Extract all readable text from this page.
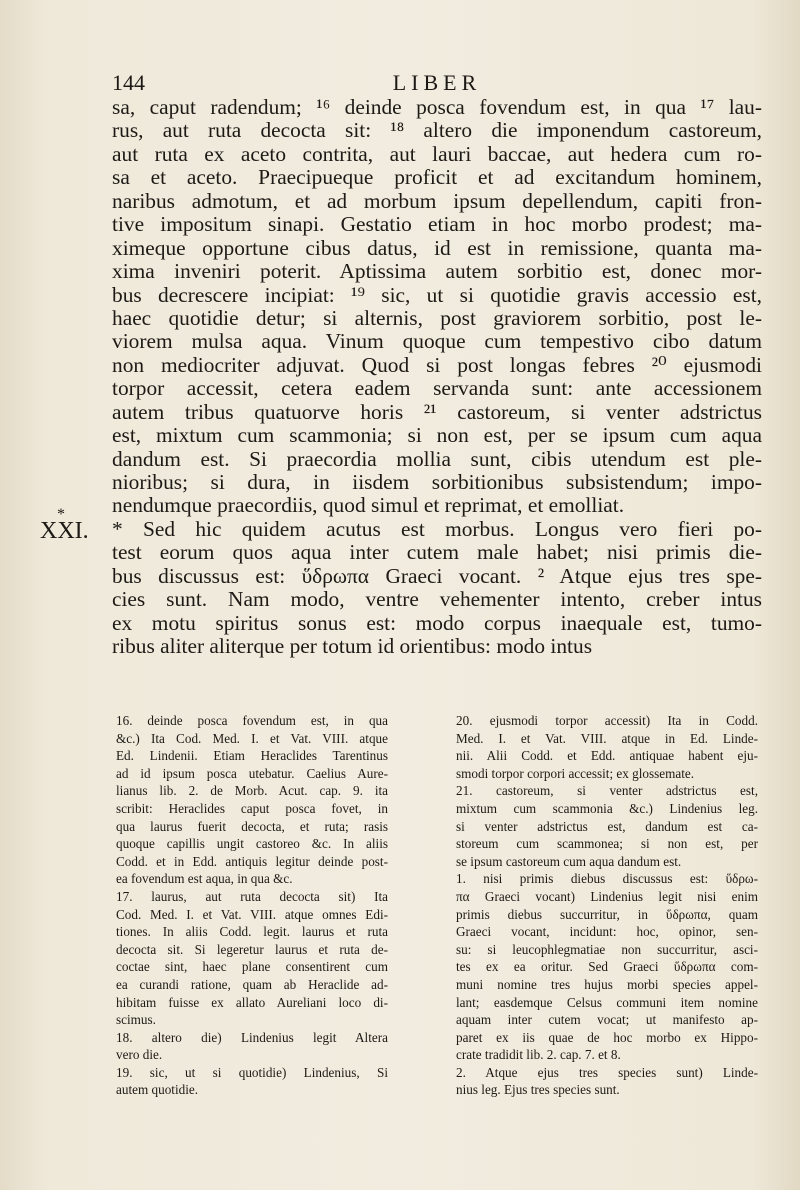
144	LIBER
*
XXI.
sa, caput radendum; ¹⁶ deinde posca fovendum est, in qua ¹⁷ lau-
rus, aut ruta decocta sit: ¹⁸ altero die imponendum castoreum,
aut ruta ex aceto contrita, aut lauri baccae, aut hedera cum ro-
sa et aceto. Praecipueque proficit et ad excitandum hominem,
naribus admotum, et ad morbum ipsum depellendum, capiti fron-
tive impositum sinapi. Gestatio etiam in hoc morbo prodest; ma-
ximeque opportune cibus datus, id est in remissione, quanta ma-
xima inveniri poterit. Aptissima autem sorbitio est, donec mor-
bus decrescere incipiat: ¹⁹ sic, ut si quotidie gravis accessio est,
haec quotidie detur; si alternis, post graviorem sorbitio, post le-
viorem mulsa aqua. Vinum quoque cum tempestivo cibo datum
non mediocriter adjuvat. Quod si post longas febres ²⁰ ejusmodi
torpor accessit, cetera eadem servanda sunt: ante accessionem
autem tribus quatuorve horis ²¹ castoreum, si venter adstrictus
est, mixtum cum scammonia; si non est, per se ipsum cum aqua
dandum est. Si praecordia mollia sunt, cibis utendum est ple-
nioribus; si dura, in iisdem sorbitionibus subsistendum; impo-
nendumque praecordiis, quod simul et reprimat, et emolliat.
* Sed hic quidem acutus est morbus. Longus vero fieri po-
test eorum quos aqua inter cutem male habet; nisi primis die-
bus discussus est: ὕδρωπα Graeci vocant. ² Atque ejus tres spe-
cies sunt. Nam modo, ventre vehementer intento, creber intus
ex motu spiritus sonus est: modo corpus inaequale est, tumo-
ribus aliter aliterque per totum id orientibus: modo intus
16. deinde posca fovendum est, in qua
&c.) Ita Cod. Med. I. et Vat. VIII. atque
Ed. Lindenii. Etiam Heraclides Tarentinus
ad id ipsum posca utebatur. Caelius Aure-
lianus lib. 2. de Morb. Acut. cap. 9. ita
scribit: Heraclides caput posca fovet, in
qua laurus fuerit decocta, et ruta; rasis
quoque capillis ungit castoreo &c. In aliis
Codd. et in Edd. antiquis legitur deinde post-
ea fovendum est aqua, in qua &c.
17. laurus, aut ruta decocta sit) Ita
Cod. Med. I. et Vat. VIII. atque omnes Edi-
tiones. In aliis Codd. legit. laurus et ruta
decocta sit. Si legeretur laurus et ruta de-
coctae sint, haec plane consentirent cum
ea curandi ratione, quam ab Heraclide ad-
hibitam fuisse ex allato Aureliani loco di-
scimus.
18. altero die) Lindenius legit Altera
vero die.
19. sic, ut si quotidie) Lindenius, Si
autem quotidie.
20. ejusmodi torpor accessit) Ita in Codd.
Med. I. et Vat. VIII. atque in Ed. Linde-
nii. Alii Codd. et Edd. antiquae habent eju-
smodi torpor corpori accessit; ex glossemate.
21. castoreum, si venter adstrictus est,
mixtum cum scammonia &c.) Lindenius leg.
si venter adstrictus est, dandum est ca-
storeum cum scammonea; si non est, per
se ipsum castoreum cum aqua dandum est.
1. nisi primis diebus discussus est: ὕδρω-
πα Graeci vocant) Lindenius legit nisi enim
primis diebus succurritur, in ὕδρωπα, quam
Graeci vocant, incidunt: hoc, opinor, sen-
su: si leucophlegmatiae non succurritur, asci-
tes ex ea oritur. Sed Graeci ὕδρωπα com-
muni nomine tres hujus morbi species appel-
lant; easdemque Celsus communi item nomine
aquam inter cutem vocat; ut manifesto ap-
paret ex iis quae de hoc morbo ex Hippo-
crate tradidit lib. 2. cap. 7. et 8.
2. Atque ejus tres species sunt) Linde-
nius leg. Ejus tres species sunt.
